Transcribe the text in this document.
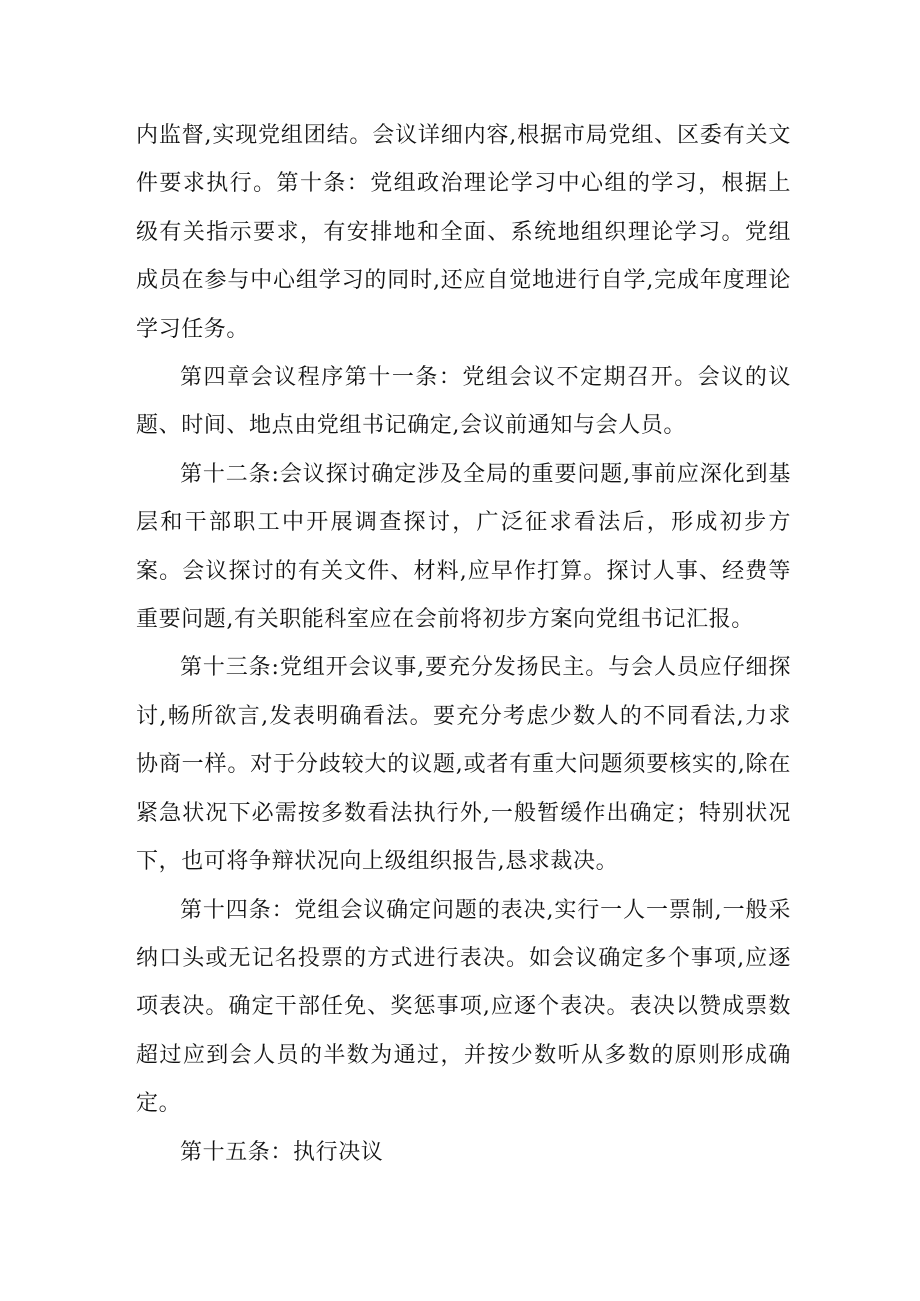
内监督,实现党组团结。会议详细内容,根据市局党组、区委有关文件要求执行。第十条：党组政治理论学习中心组的学习，根据上级有关指示要求，有安排地和全面、系统地组织理论学习。党组成员在参与中心组学习的同时,还应自觉地进行自学,完成年度理论学习任务。

第四章会议程序第十一条：党组会议不定期召开。会议的议题、时间、地点由党组书记确定,会议前通知与会人员。

第十二条:会议探讨确定涉及全局的重要问题,事前应深化到基层和干部职工中开展调查探讨，广泛征求看法后，形成初步方案。会议探讨的有关文件、材料,应早作打算。探讨人事、经费等重要问题,有关职能科室应在会前将初步方案向党组书记汇报。

第十三条:党组开会议事,要充分发扬民主。与会人员应仔细探讨,畅所欲言,发表明确看法。要充分考虑少数人的不同看法,力求协商一样。对于分歧较大的议题,或者有重大问题须要核实的,除在紧急状况下必需按多数看法执行外,一般暂缓作出确定；特别状况下，也可将争辩状况向上级组织报告,恳求裁决。

第十四条：党组会议确定问题的表决,实行一人一票制,一般采纳口头或无记名投票的方式进行表决。如会议确定多个事项,应逐项表决。确定干部任免、奖惩事项,应逐个表决。表决以赞成票数超过应到会人员的半数为通过，并按少数听从多数的原则形成确定。

第十五条：执行决议
